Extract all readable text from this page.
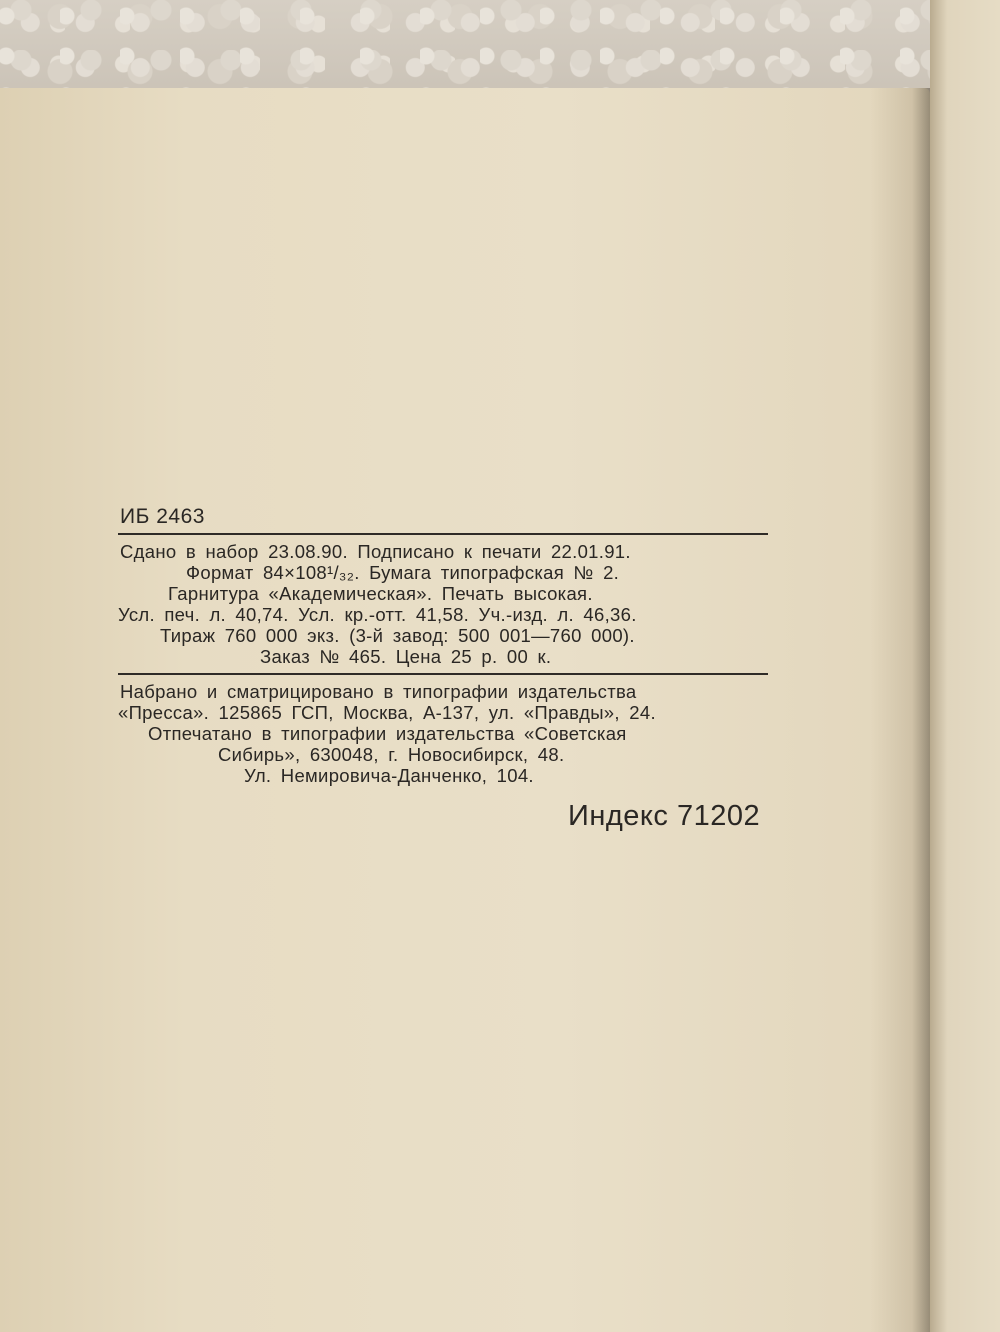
ИБ 2463
Сдано в набор 23.08.90. Подписано к печати 22.01.91.
Формат 84×108¹/₃₂. Бумага типографская № 2.
Гарнитура «Академическая». Печать высокая.
Усл. печ. л. 40,74. Усл. кр.-отт. 41,58. Уч.-изд. л. 46,36.
Тираж 760 000 экз. (3-й завод: 500 001—760 000).
Заказ № 465. Цена 25 р. 00 к.
Набрано и сматрицировано в типографии издательства
«Пресса». 125865 ГСП, Москва, А-137, ул. «Правды», 24.
Отпечатано в типографии издательства «Советская
Сибирь», 630048, г. Новосибирск, 48.
Ул. Немировича-Данченко, 104.
Индекс 71202
